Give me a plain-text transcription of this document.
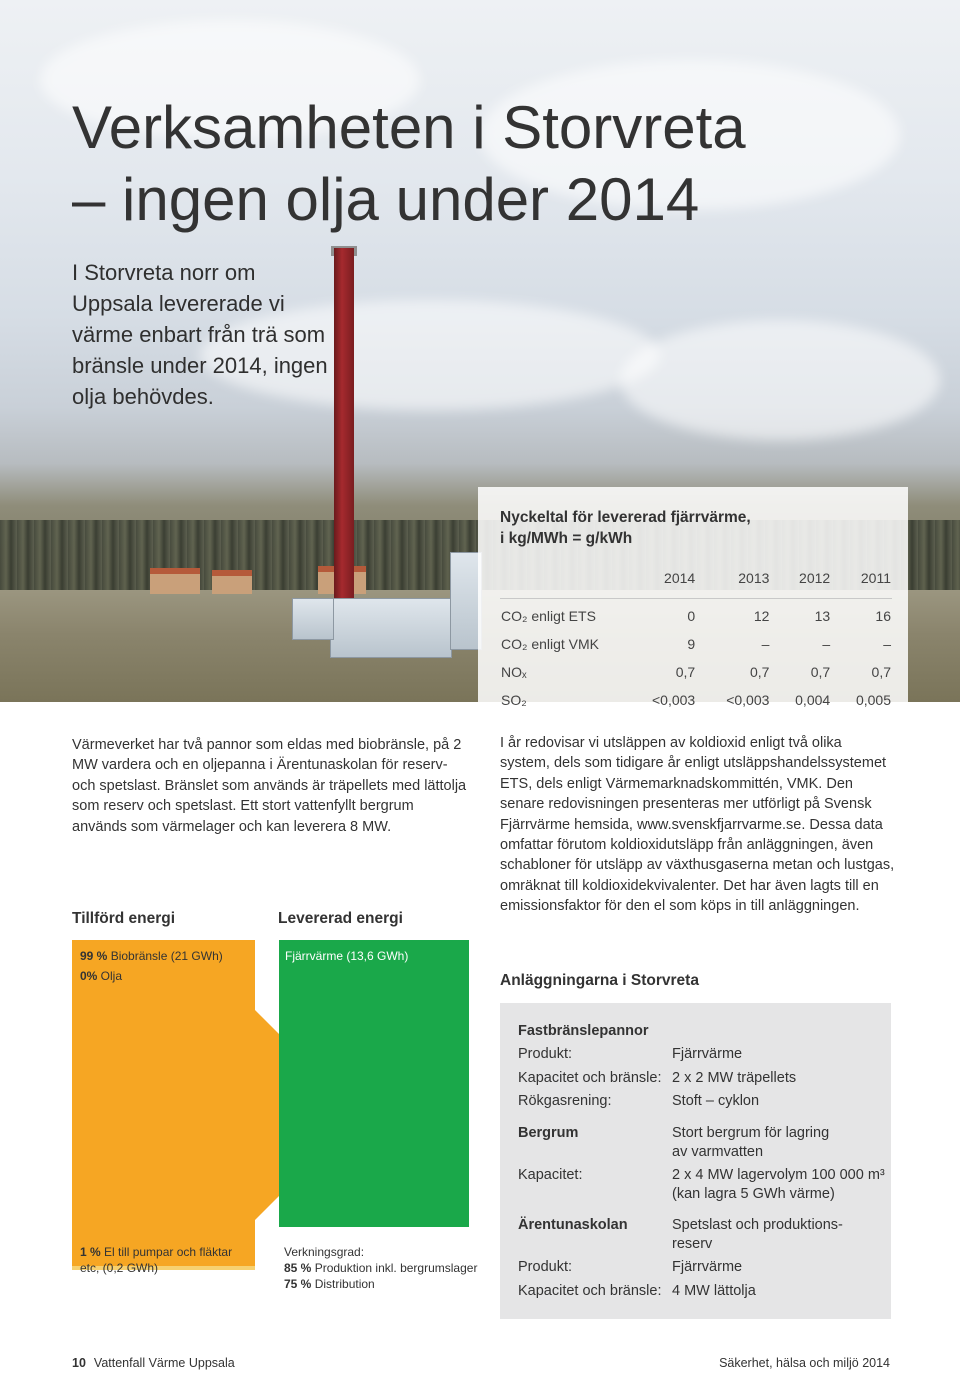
Verksamheten i Storvreta
– ingen olja under 2014

I Storvreta norr om Uppsala levererade vi värme enbart från trä som bränsle under 2014, ingen olja behövdes.

Nyckeltal för levererad fjärrvärme,
i kg/MWh = g/kWh
	2014	2013	2012	2011
CO₂ enligt ETS	0	12	13	16
CO₂ enligt VMK	9	–	–	–
NOₓ	0,7	0,7	0,7	0,7
SO₂	<0,003	<0,003	0,004	0,005

Värmeverket har två pannor som eldas med biobränsle, på 2 MW vardera och en oljepanna i Ärentunaskolan för reserv- och spetslast. Bränslet som används är träpellets med lättolja som reserv och spetslast. Ett stort vattenfyllt bergrum används som värmelager och kan leverera 8 MW.

I år redovisar vi utsläppen av koldioxid enligt två olika system, dels som tidigare år enligt utsläppshandelssystemet ETS, dels enligt Värmemarknadskommittén, VMK. Den senare redovisningen presenteras mer utförligt på Svensk Fjärrvärme hemsida, www.svenskfjarrvarme.se. Dessa data omfattar förutom koldioxidutsläpp från anläggningen, även schabloner för utsläpp av växthusgaserna metan och lustgas, omräknat till koldioxidekvivalenter. Det har även lagts till en emissionsfaktor för den el som köps in till anläggningen.

Tillförd energi	Levererad energi

99 % Biobränsle (21 GWh)

0% Olja

Fjärrvärme (13,6 GWh)

1 % El till pumpar och fläktar etc, (0,2 GWh)

Verkningsgrad:
85 % Produktion inkl. bergrumslager
75 % Distribution

Anläggningarna i Storvreta
Fastbränslepannor
Produkt:	Fjärrvärme
Kapacitet och bränsle: 2 x 2 MW träpellets
Rökgasrening:	Stoft – cyklon
Bergrum	Stort bergrum för lagring
av varmvatten
Kapacitet:	2 x 4 MW lagervolym 100 000 m³
(kan lagra 5 GWh värme)
Ärentunaskolan	Spetslast och produktions-
reserv
Produkt:	Fjärrvärme
Kapacitet och bränsle: 4 MW lättolja

10 Vattenfall Värme Uppsala	Säkerhet, hälsa och miljö 2014
